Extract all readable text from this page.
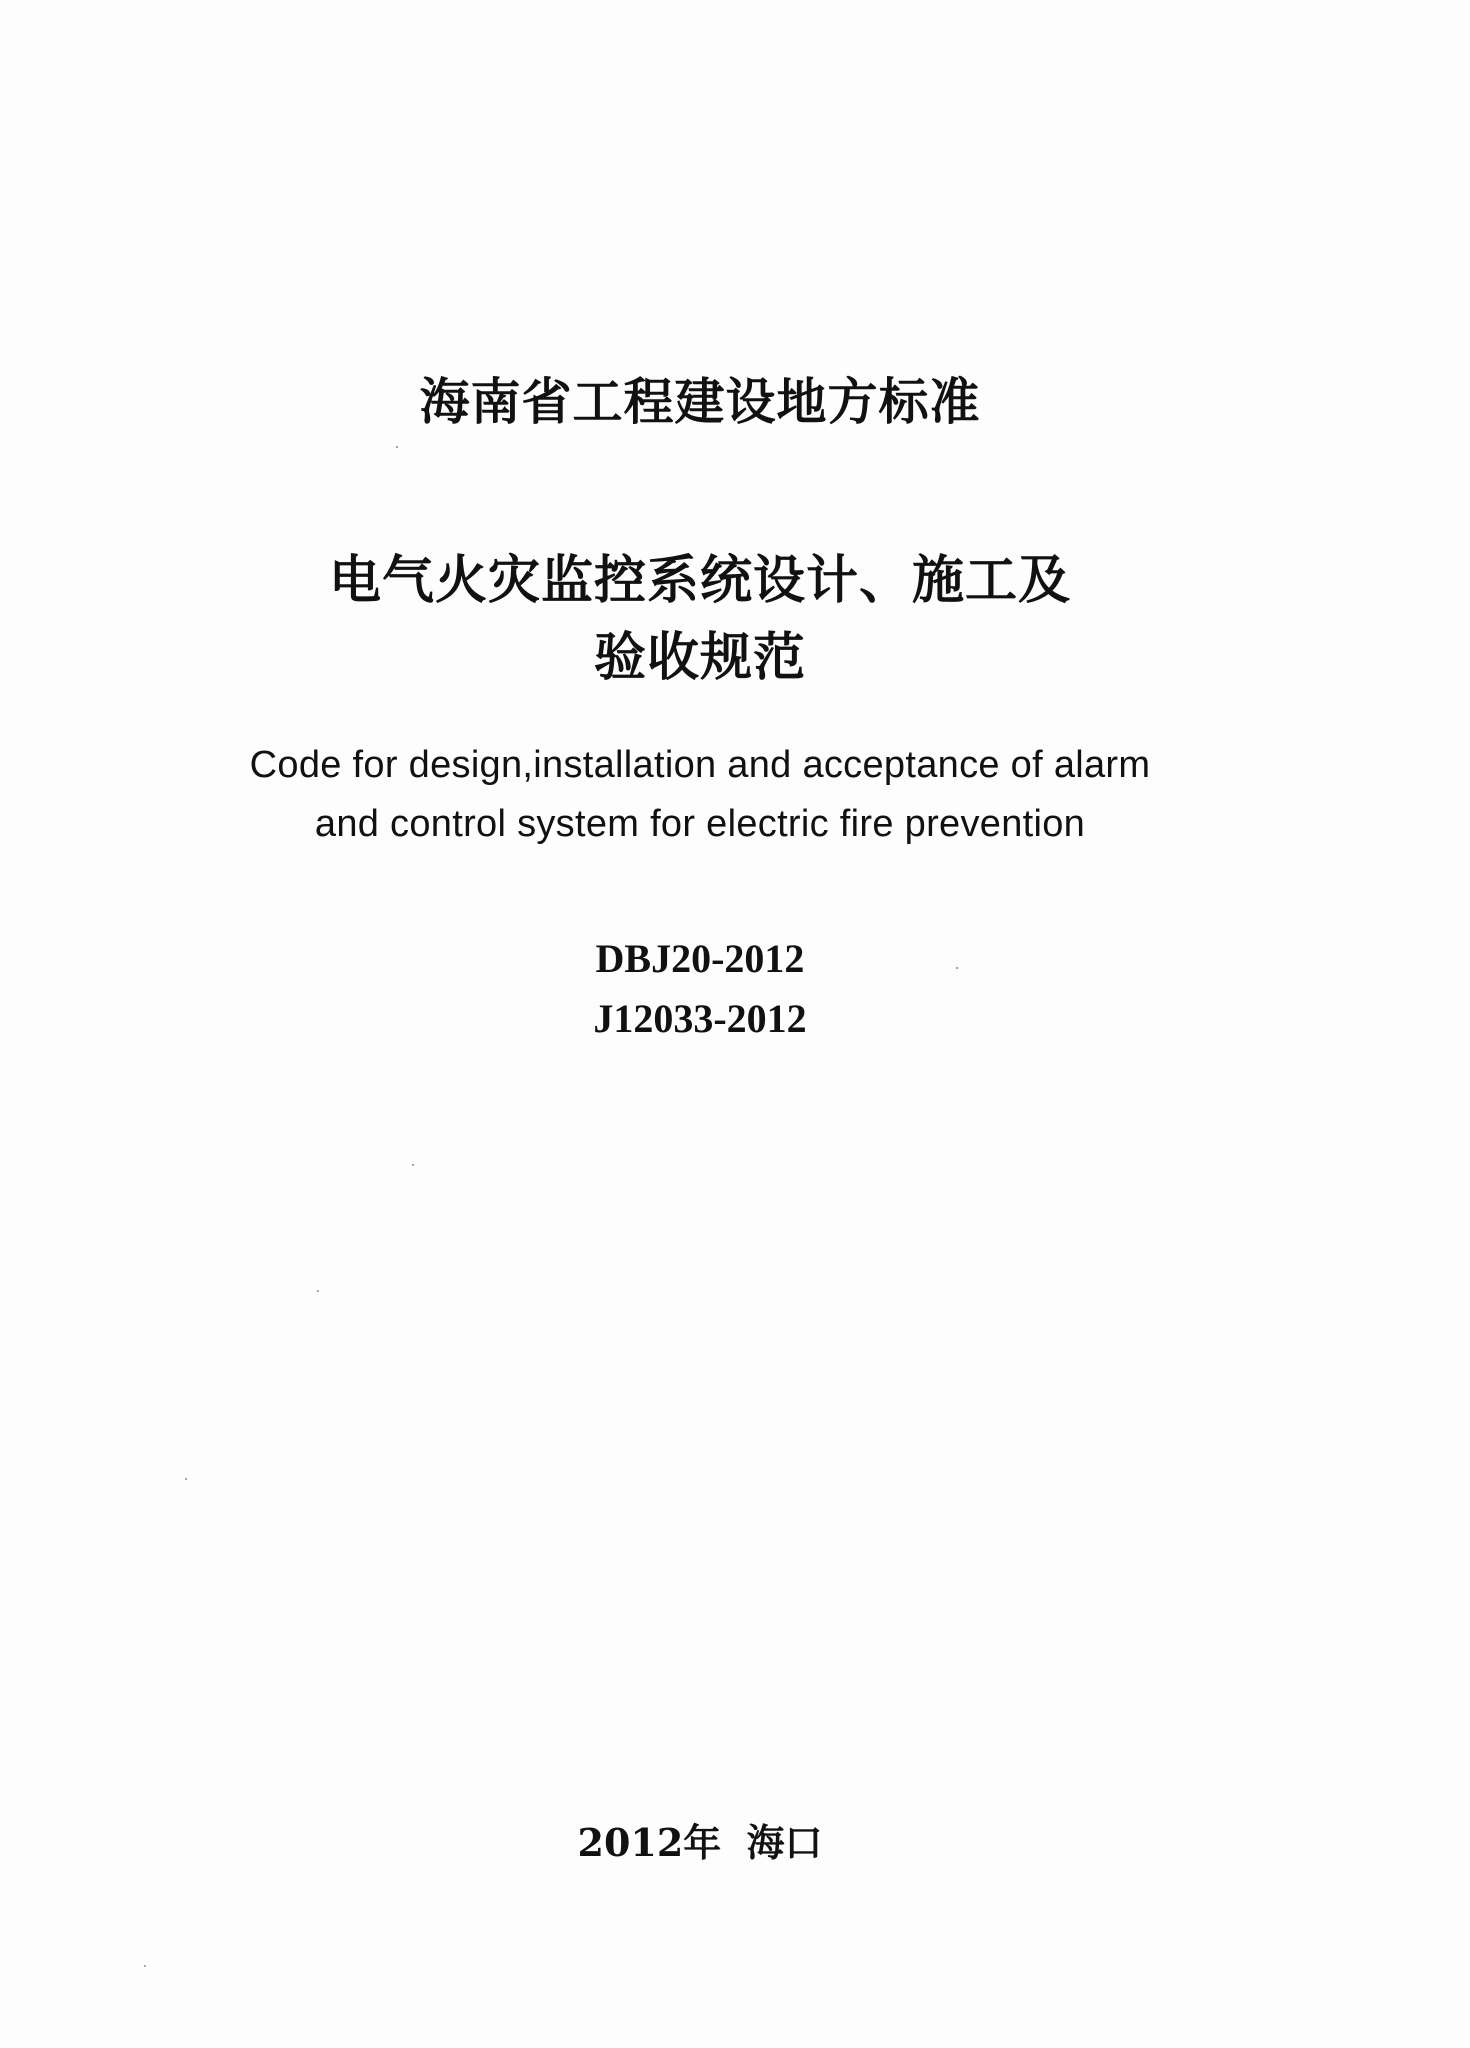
海南省工程建设地方标准
电气火灾监控系统设计、施工及
验收规范
Code for design,installation and acceptance of alarm
and control system for electric fire prevention
DBJ20-2012
J12033-2012
2012年 海口
